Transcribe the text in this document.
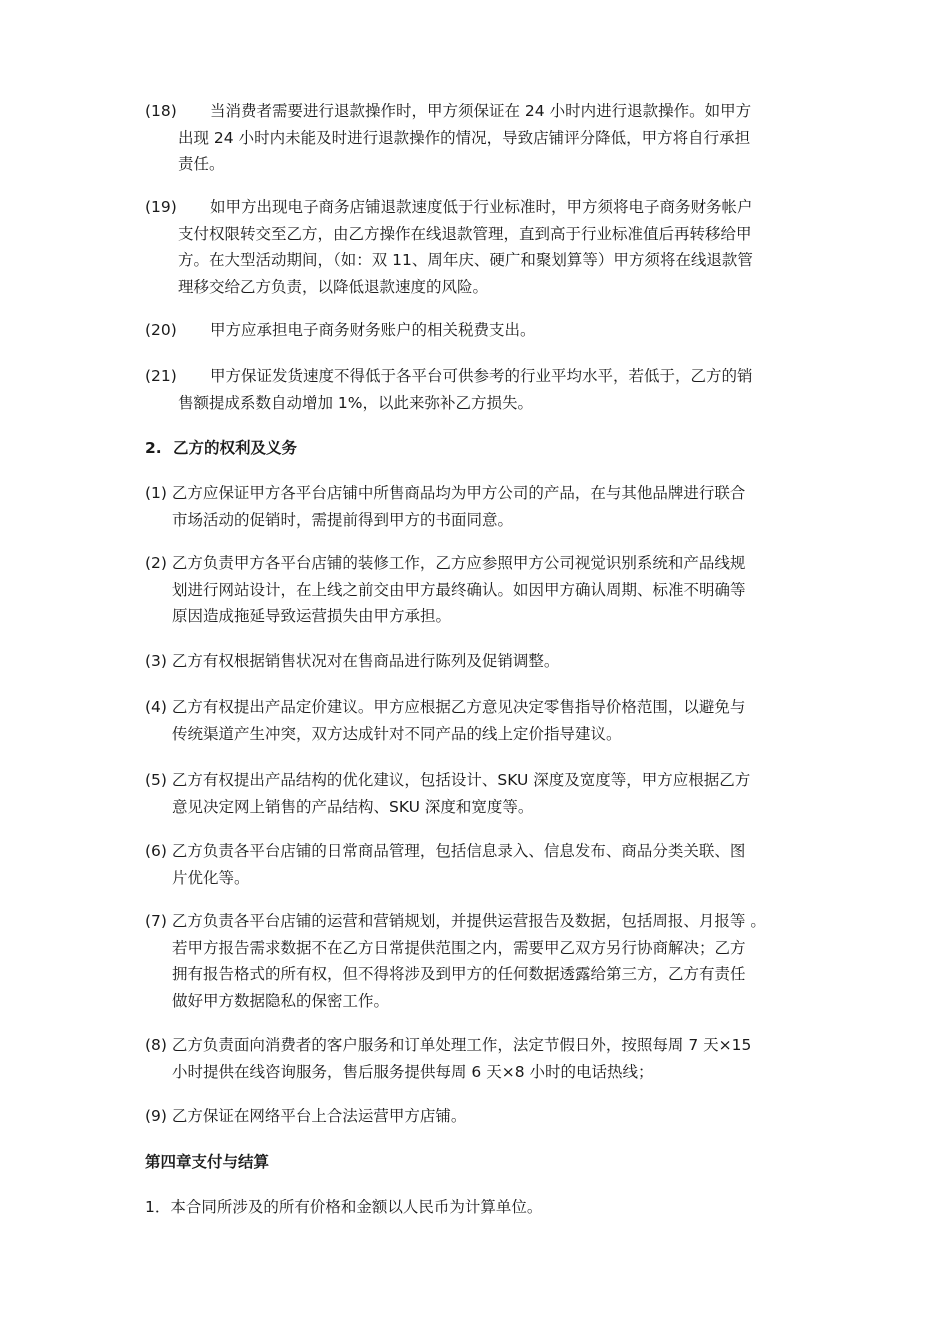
(18) 当消费者需要进行退款操作时，甲方须保证在 24 小时内进行退款操作。如甲方
出现 24 小时内未能及时进行退款操作的情况，导致店铺评分降低，甲方将自行承担
责任。
(19) 如甲方出现电子商务店铺退款速度低于行业标准时，甲方须将电子商务财务帐户
支付权限转交至乙方，由乙方操作在线退款管理，直到高于行业标准值后再转移给甲
方。在大型活动期间，（如：双 11、周年庆、硬广和聚划算等）甲方须将在线退款管
理移交给乙方负责，以降低退款速度的风险。
(20) 甲方应承担电子商务财务账户的相关税费支出。
(21) 甲方保证发货速度不得低于各平台可供参考的行业平均水平，若低于，乙方的销
售额提成系数自动增加 1%，以此来弥补乙方损失。
2. 乙方的权利及义务
(1) 乙方应保证甲方各平台店铺中所售商品均为甲方公司的产品，在与其他品牌进行联合
市场活动的促销时，需提前得到甲方的书面同意。
(2) 乙方负责甲方各平台店铺的装修工作，乙方应参照甲方公司视觉识别系统和产品线规
划进行网站设计，在上线之前交由甲方最终确认。如因甲方确认周期、标准不明确等
原因造成拖延导致运营损失由甲方承担。
(3) 乙方有权根据销售状况对在售商品进行陈列及促销调整。
(4) 乙方有权提出产品定价建议。甲方应根据乙方意见决定零售指导价格范围，以避免与
传统渠道产生冲突，双方达成针对不同产品的线上定价指导建议。
(5) 乙方有权提出产品结构的优化建议，包括设计、SKU 深度及宽度等，甲方应根据乙方
意见决定网上销售的产品结构、SKU 深度和宽度等。
(6) 乙方负责各平台店铺的日常商品管理，包括信息录入、信息发布、商品分类关联、图
片优化等。
(7) 乙方负责各平台店铺的运营和营销规划，并提供运营报告及数据，包括周报、月报等 。
若甲方报告需求数据不在乙方日常提供范围之内，需要甲乙双方另行协商解决；乙方
拥有报告格式的所有权，但不得将涉及到甲方的任何数据透露给第三方，乙方有责任
做好甲方数据隐私的保密工作。
(8) 乙方负责面向消费者的客户服务和订单处理工作，法定节假日外，按照每周 7 天×15
小时提供在线咨询服务，售后服务提供每周 6 天×8 小时的电话热线；
(9) 乙方保证在网络平台上合法运营甲方店铺。
第四章支付与结算
1．本合同所涉及的所有价格和金额以人民币为计算单位。
